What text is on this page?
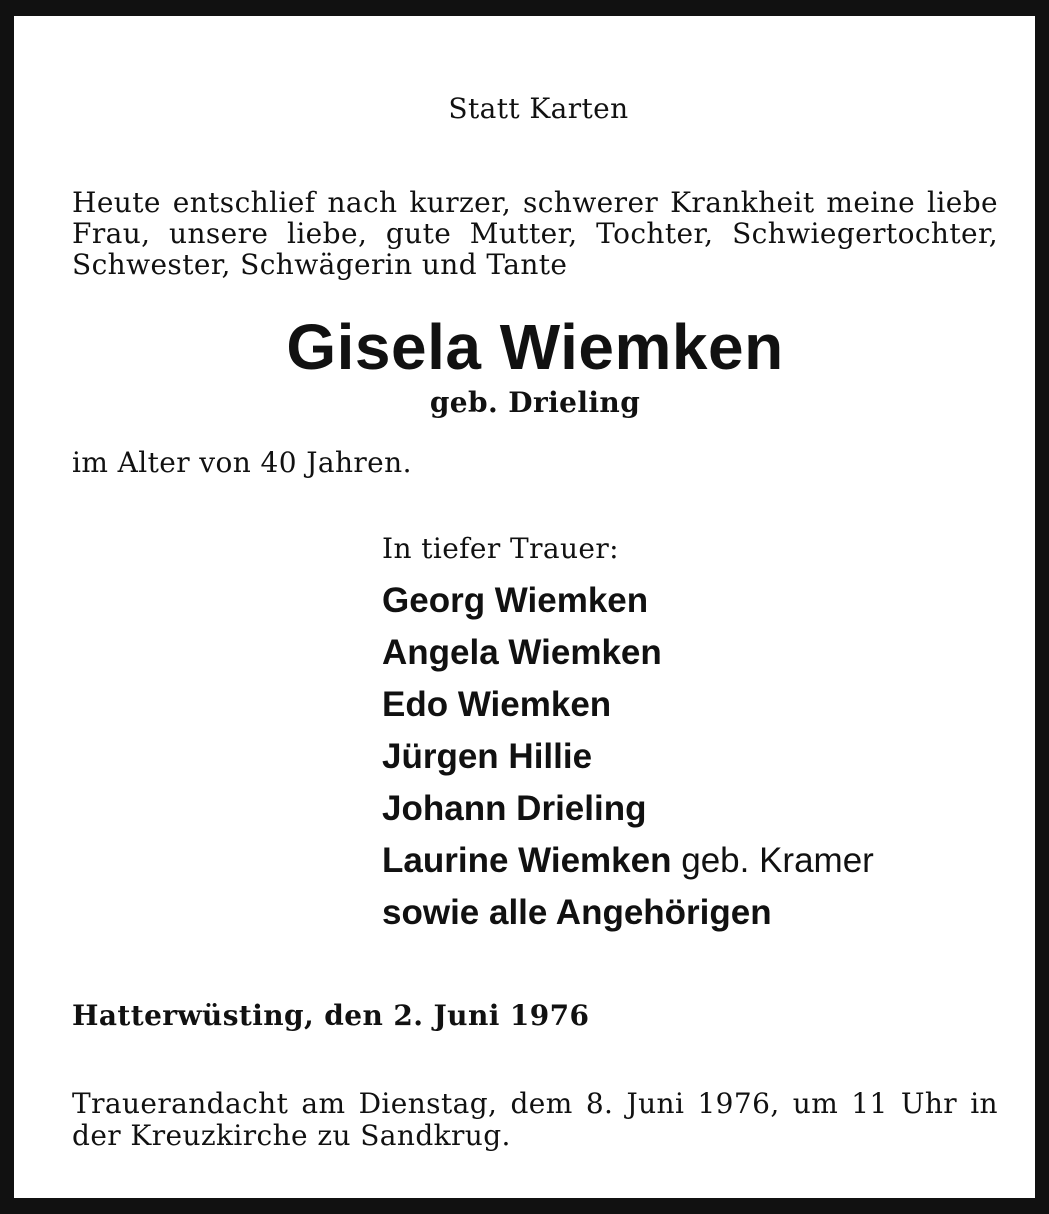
Statt Karten
Heute entschlief nach kurzer, schwerer Krankheit meine liebe
Frau, unsere liebe, gute Mutter, Tochter, Schwiegertochter,
Schwester, Schwägerin und Tante
Gisela Wiemken
geb. Drieling
im Alter von 40 Jahren.
In tiefer Trauer:
Georg Wiemken
Angela Wiemken
Edo Wiemken
Jürgen Hillie
Johann Drieling
Laurine Wiemken geb. Kramer
sowie alle Angehörigen
Hatterwüsting, den 2. Juni 1976
Trauerandacht am Dienstag, dem 8. Juni 1976, um 11 Uhr in
der Kreuzkirche zu Sandkrug.
